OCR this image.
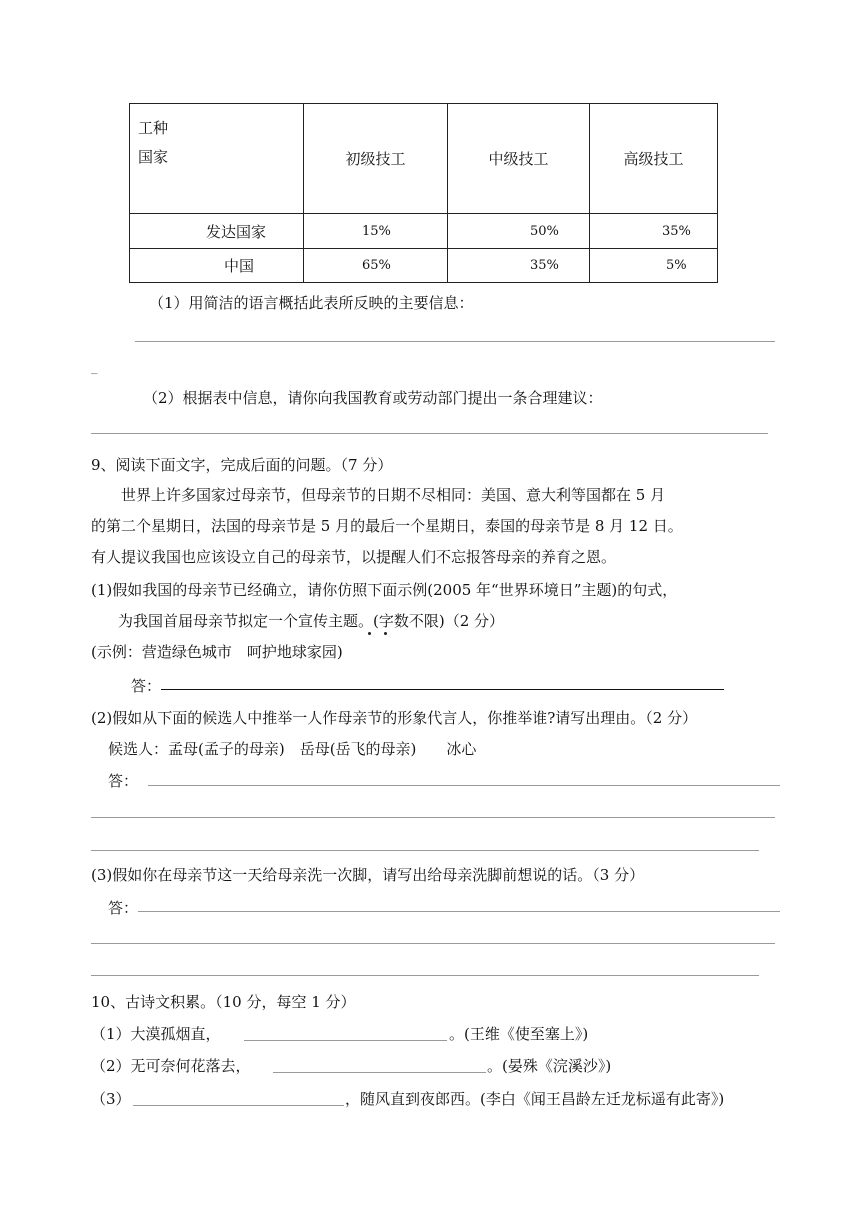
工种
国家	初级技工	中级技工	高级技工
发达国家	15%	50%	35%
中国	65%	35%	5%
（1）用简洁的语言概括此表所反映的主要信息：
_
（2）根据表中信息，请你向我国教育或劳动部门提出一条合理建议：
9、阅读下面文字，完成后面的问题。（7 分）
世界上许多国家过母亲节，但母亲节的日期不尽相同：美国、意大利等国都在 5 月
的第二个星期日，法国的母亲节是 5 月的最后一个星期日，泰国的母亲节是 8 月 12 日。
有人提议我国也应该设立自己的母亲节，以提醒人们不忘报答母亲的养育之恩。
(1)假如我国的母亲节已经确立，请你仿照下面示例(2005 年“世界环境日”主题)的句式，
为我国首届母亲节拟定一个宣传主题。(字数不限)（2 分）
(示例：营造绿色城市　呵护地球家园)
答：
(2)假如从下面的候选人中推举一人作母亲节的形象代言人，你推举谁?请写出理由。（2 分）
候选人：孟母(孟子的母亲)　岳母(岳飞的母亲)　　冰心
答：
(3)假如你在母亲节这一天给母亲洗一次脚，请写出给母亲洗脚前想说的话。（3 分）
答：
10、古诗文积累。（10 分，每空 1 分）
（1）大漠孤烟直，	。(王维《使至塞上》)
（2）无可奈何花落去，	。(晏殊《浣溪沙》)
（3）	，随风直到夜郎西。(李白《闻王昌龄左迁龙标遥有此寄》)
